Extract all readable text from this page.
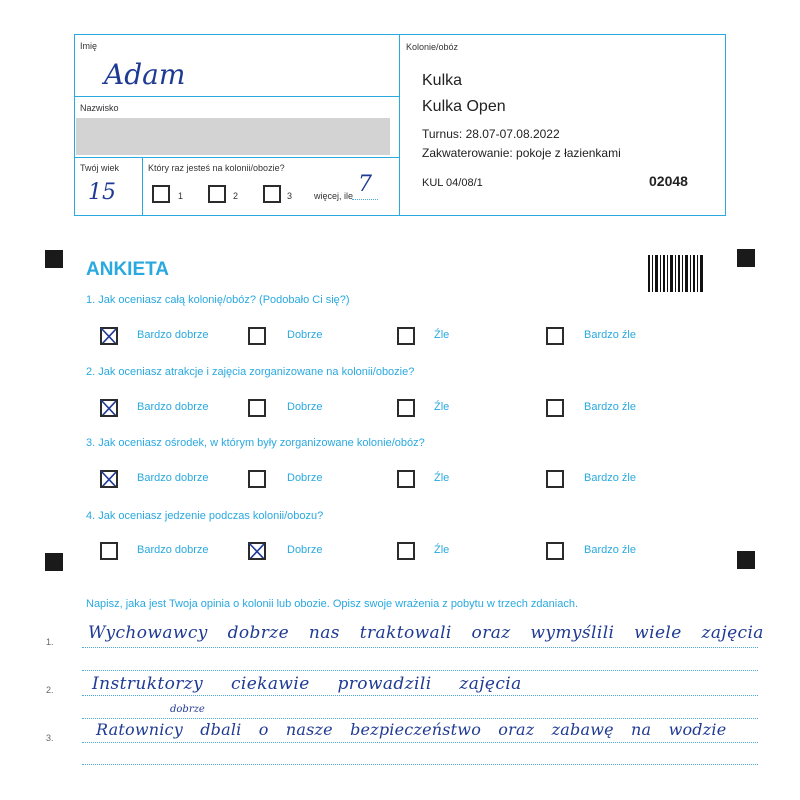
Imię
Adam
Nazwisko
Twój wiek
15
Który raz jesteś na kolonii/obozie?
1	2	3 więcej, ile 7
Kolonie/obóz
Kulka
Kulka Open
Turnus: 28.07-07.08.2022
Zakwaterowanie: pokoje z łazienkami
KUL 04/08/1	02048
ANKIETA
1. Jak oceniasz całą kolonię/obóz? (Podobało Ci się?)
Bardzo dobrze	Dobrze	Źle	Bardzo źle
2. Jak oceniasz atrakcje i zajęcia zorganizowane na kolonii/obozie?
Bardzo dobrze	Dobrze	Źle	Bardzo źle
3. Jak oceniasz ośrodek, w którym były zorganizowane kolonie/obóz?
Bardzo dobrze	Dobrze	Źle	Bardzo źle
4. Jak oceniasz jedzenie podczas kolonii/obozu?
Bardzo dobrze	Dobrze	Źle	Bardzo źle
Napisz, jaka jest Twoja opinia o kolonii lub obozie. Opisz swoje wrażenia z pobytu w trzech zdaniach.
1.
2.
3.
Wychowawcy dobrze nas traktowali oraz wymyślili wiele zajęcia
Instruktorzy ciekawie prowadzili zajęcia
dobrze
Ratownicy dbali o nasze bezpieczeństwo oraz zabawę na wodzie
